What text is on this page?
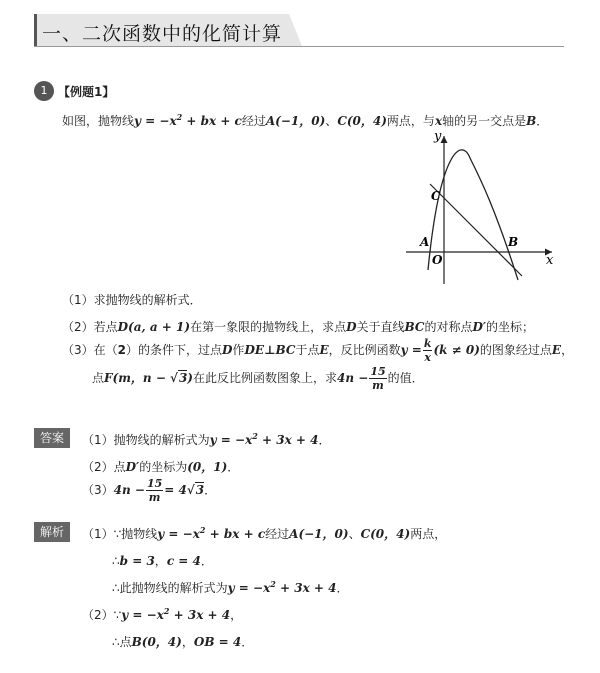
一、二次函数中的化简计算
1 【例题1】
如图，抛物线$y = -x^2$ + bx + c经过A(−1，0)、C(0，4)两点，与x轴的另一交点是B．
y
x
O
A	B
C
（1）求抛物线的解析式．
（2）若点D(a, a + 1)在第一象限的抛物线上，求点D关于直线BC的对称点D′的坐标；
（3）在（2）的条件下，过点D作DE⊥BC于点E，反比例函数$y = \frac{k}{x} (k \ne 0)$的图象经过点E，
点F(m，n − √3)在此反比例函数图象上，求$4n - \frac{15}{m}$ 的值．
答案	（1）抛物线的解析式为$y = -x^2 + 3x + 4$．
（2）点D′的坐标为(0，1)．
$(3)4n - \frac{15}{m} = 4√3$．
解析	（1）∵抛物线$y = -x^2$ + bx + c经过A(−1，0)、C(0，4)两点，
∴b = 3，c = 4．
∴此抛物线的解析式为$y = -x^2 + 3x + 4$．
（2）∵y = $-x^2 + 3x + 4$，
∴点B(0，4)，OB = 4．
